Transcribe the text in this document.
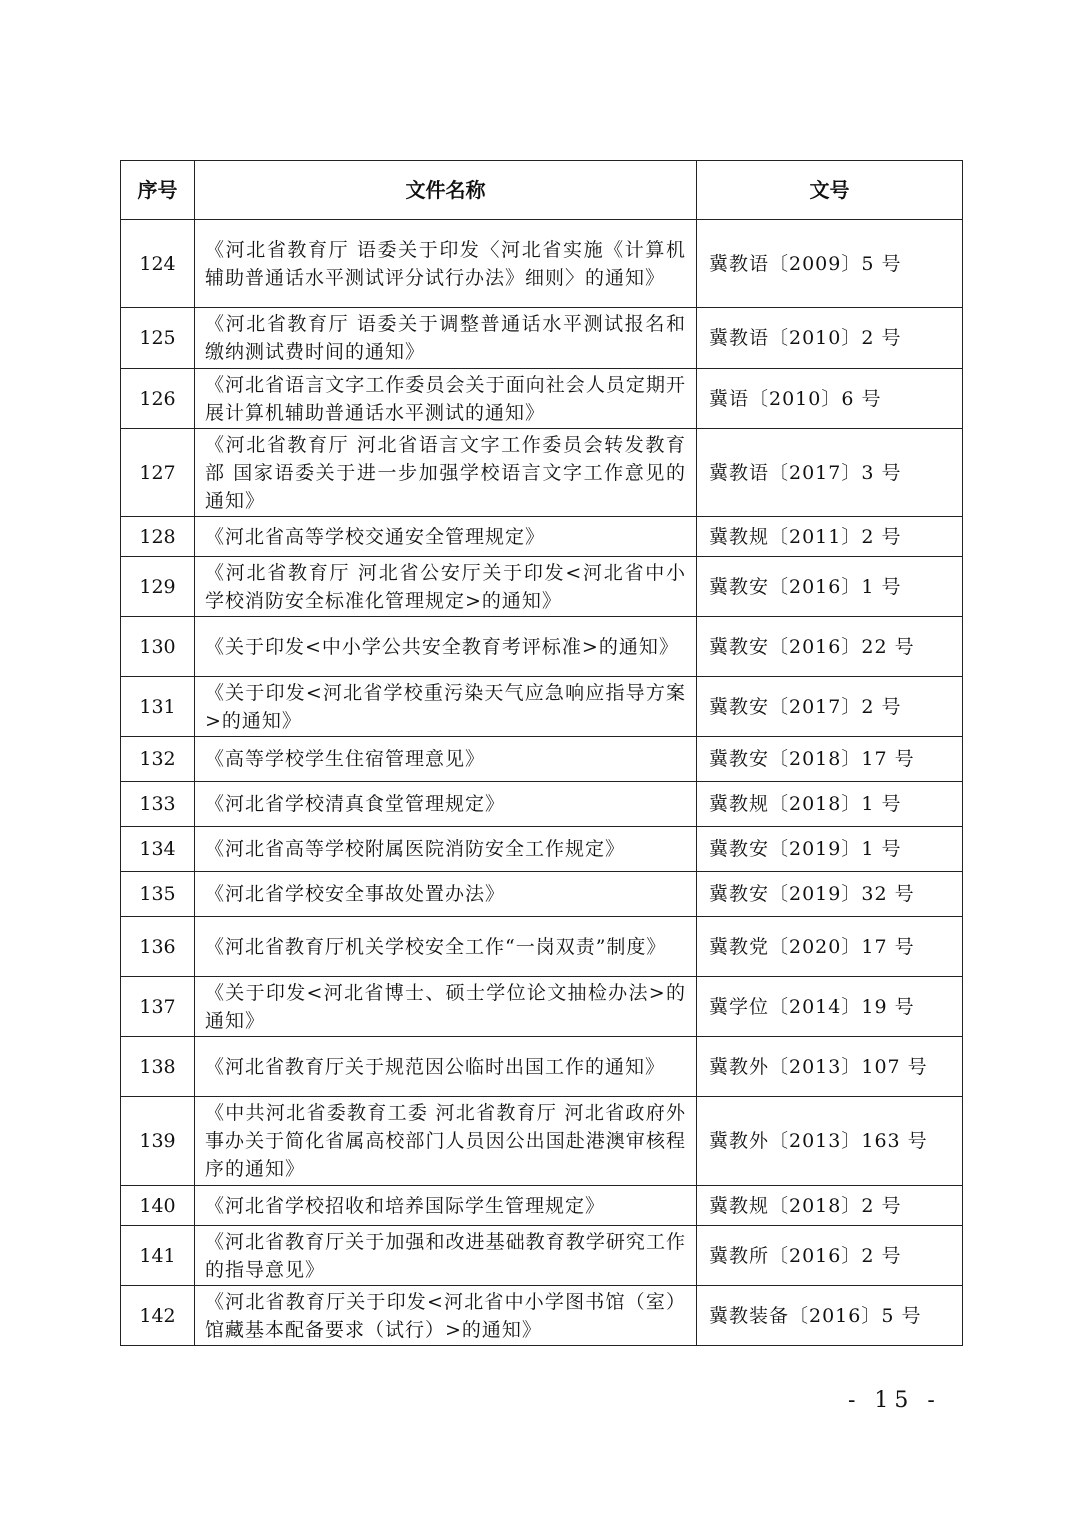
序号	文件名称	文号
124	《河北省教育厅 语委关于印发〈河北省实施《计算机辅助普通话水平测试评分试行办法》细则〉的通知》	冀教语〔2009〕5 号
125	《河北省教育厅 语委关于调整普通话水平测试报名和缴纳测试费时间的通知》	冀教语〔2010〕2 号
126	《河北省语言文字工作委员会关于面向社会人员定期开展计算机辅助普通话水平测试的通知》	冀语〔2010〕6 号
127	《河北省教育厅 河北省语言文字工作委员会转发教育部 国家语委关于进一步加强学校语言文字工作意见的通知》	冀教语〔2017〕3 号
128	《河北省高等学校交通安全管理规定》	冀教规〔2011〕2 号
129	《河北省教育厅 河北省公安厅关于印发<河北省中小学校消防安全标准化管理规定>的通知》	冀教安〔2016〕1 号
130	《关于印发<中小学公共安全教育考评标准>的通知》	冀教安〔2016〕22 号
131	《关于印发<河北省学校重污染天气应急响应指导方案>的通知》	冀教安〔2017〕2 号
132	《高等学校学生住宿管理意见》	冀教安〔2018〕17 号
133	《河北省学校清真食堂管理规定》	冀教规〔2018〕1 号
134	《河北省高等学校附属医院消防安全工作规定》	冀教安〔2019〕1 号
135	《河北省学校安全事故处置办法》	冀教安〔2019〕32 号
136	《河北省教育厅机关学校安全工作“一岗双责”制度》	冀教党〔2020〕17 号
137	《关于印发<河北省博士、硕士学位论文抽检办法>的通知》	冀学位〔2014〕19 号
138	《河北省教育厅关于规范因公临时出国工作的通知》	冀教外〔2013〕107 号
139	《中共河北省委教育工委 河北省教育厅 河北省政府外事办关于简化省属高校部门人员因公出国赴港澳审核程序的通知》	冀教外〔2013〕163 号
140	《河北省学校招收和培养国际学生管理规定》	冀教规〔2018〕2 号
141	《河北省教育厅关于加强和改进基础教育教学研究工作的指导意见》	冀教所〔2016〕2 号
142	《河北省教育厅关于印发<河北省中小学图书馆（室）馆藏基本配备要求（试行）>的通知》	冀教装备〔2016〕5 号
- 15 -
